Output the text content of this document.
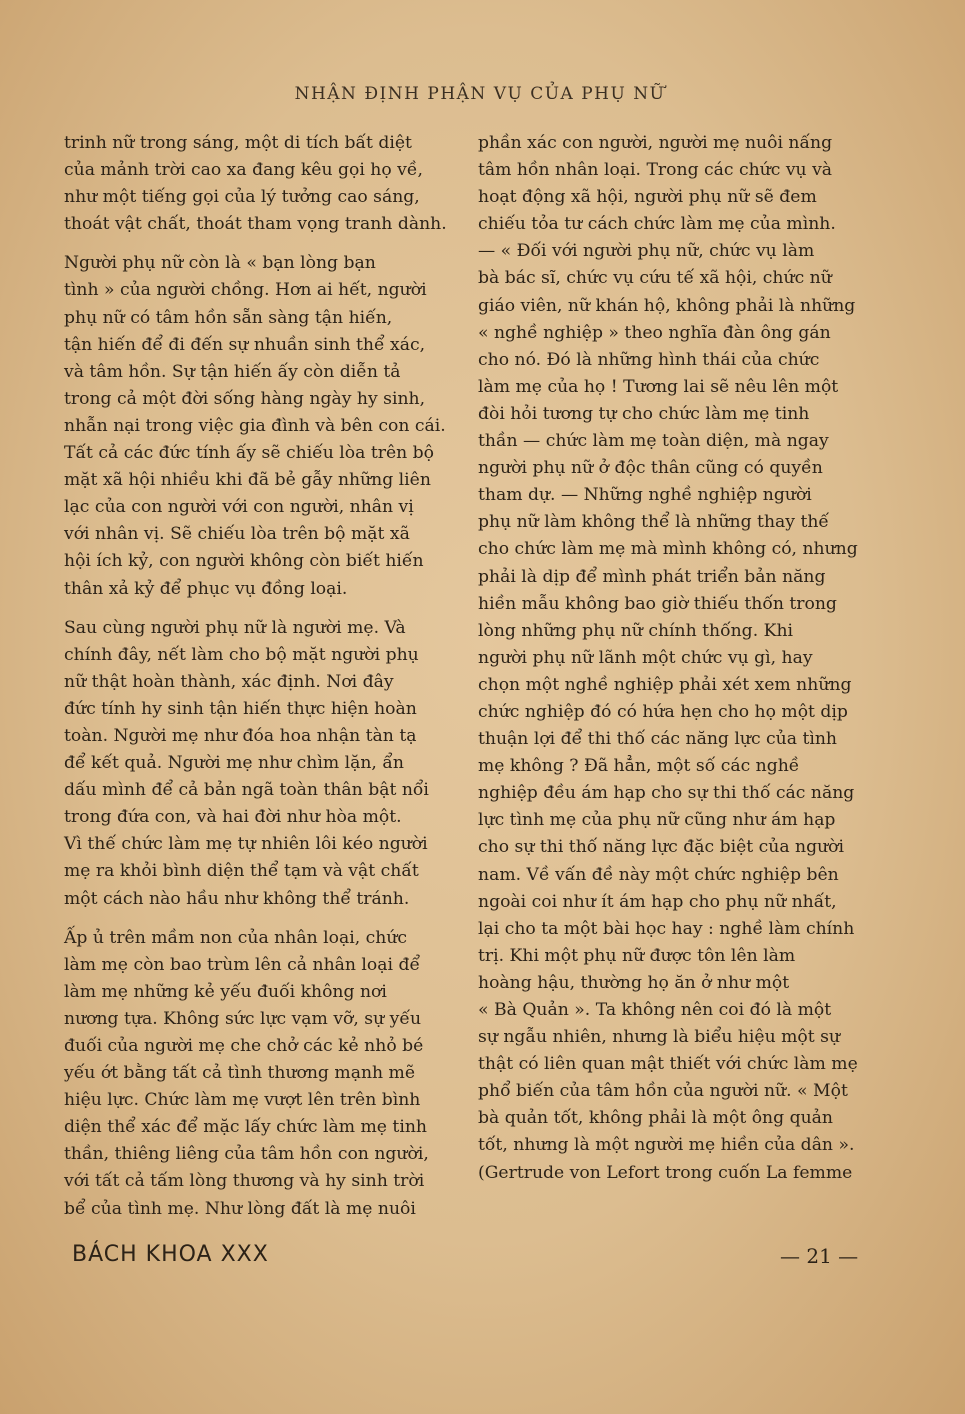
NHẬN ĐỊNH PHẬN VỤ CỦA PHỤ NỮ

trinh nữ trong sáng, một di tích bất diệt
của mảnh trời cao xa đang kêu gọi họ về,
như một tiếng gọi của lý tưởng cao sáng,
thoát vật chất, thoát tham vọng tranh dành.

Người phụ nữ còn là « bạn lòng bạn
tình » của người chồng. Hơn ai hết, người
phụ nữ có tâm hồn sẵn sàng tận hiến,
tận hiến để đi đến sự nhuần sinh thể xác,
và tâm hồn. Sự tận hiến ấy còn diễn tả
trong cả một đời sống hàng ngày hy sinh,
nhẫn nại trong việc gia đình và bên con cái.
Tất cả các đức tính ấy sẽ chiếu lòa trên bộ
mặt xã hội nhiều khi đã bẻ gẫy những liên
lạc của con người với con người, nhân vị
với nhân vị. Sẽ chiếu lòa trên bộ mặt xã
hội ích kỷ, con người không còn biết hiến
thân xả kỷ để phục vụ đồng loại.

Sau cùng người phụ nữ là người mẹ. Và
chính đây, nết làm cho bộ mặt người phụ
nữ thật hoàn thành, xác định. Nơi đây
đức tính hy sinh tận hiến thực hiện hoàn
toàn. Người mẹ như đóa hoa nhận tàn tạ
để kết quả. Người mẹ như chìm lặn, ẩn
dấu mình để cả bản ngã toàn thân bật nổi
trong đứa con, và hai đời như hòa một.
Vì thế chức làm mẹ tự nhiên lôi kéo người
mẹ ra khỏi bình diện thể tạm và vật chất
một cách nào hầu như không thể tránh.

Ấp ủ trên mầm non của nhân loại, chức
làm mẹ còn bao trùm lên cả nhân loại để
làm mẹ những kẻ yếu đuối không nơi
nương tựa. Không sức lực vạm vỡ, sự yếu
đuối của người mẹ che chở các kẻ nhỏ bé
yếu ớt bằng tất cả tình thương mạnh mẽ
hiệu lực. Chức làm mẹ vượt lên trên bình
diện thể xác để mặc lấy chức làm mẹ tinh
thần, thiêng liêng của tâm hồn con người,
với tất cả tấm lòng thương và hy sinh trời
bể của tình mẹ. Như lòng đất là mẹ nuôi

phần xác con người, người mẹ nuôi nấng
tâm hồn nhân loại. Trong các chức vụ và
hoạt động xã hội, người phụ nữ sẽ đem
chiếu tỏa tư cách chức làm mẹ của mình.
— « Đối với người phụ nữ, chức vụ làm
bà bác sĩ, chức vụ cứu tế xã hội, chức nữ
giáo viên, nữ khán hộ, không phải là những
« nghề nghiệp » theo nghĩa đàn ông gán
cho nó. Đó là những hình thái của chức
làm mẹ của họ ! Tương lai sẽ nêu lên một
đòi hỏi tương tự cho chức làm mẹ tinh
thần — chức làm mẹ toàn diện, mà ngay
người phụ nữ ở độc thân cũng có quyền
tham dự. — Những nghề nghiệp người
phụ nữ làm không thể là những thay thế
cho chức làm mẹ mà mình không có, nhưng
phải là dịp để mình phát triển bản năng
hiền mẫu không bao giờ thiếu thốn trong
lòng những phụ nữ chính thống. Khi
người phụ nữ lãnh một chức vụ gì, hay
chọn một nghề nghiệp phải xét xem những
chức nghiệp đó có hứa hẹn cho họ một dịp
thuận lợi để thi thố các năng lực của tình
mẹ không ? Đã hẳn, một số các nghề
nghiệp đều ám hạp cho sự thi thố các năng
lực tình mẹ của phụ nữ cũng như ám hạp
cho sự thi thố năng lực đặc biệt của người
nam. Về vấn đề này một chức nghiệp bên
ngoài coi như ít ám hạp cho phụ nữ nhất,
lại cho ta một bài học hay : nghề làm chính
trị. Khi một phụ nữ được tôn lên làm
hoàng hậu, thường họ ăn ở như một
« Bà Quản ». Ta không nên coi đó là một
sự ngẫu nhiên, nhưng là biểu hiệu một sự
thật có liên quan mật thiết với chức làm mẹ
phổ biến của tâm hồn của người nữ. « Một
bà quản tốt, không phải là một ông quản
tốt, nhưng là một người mẹ hiền của dân ».
(Gertrude von Lefort trong cuốn La femme

BÁCH KHOA XXX	— 21 —
